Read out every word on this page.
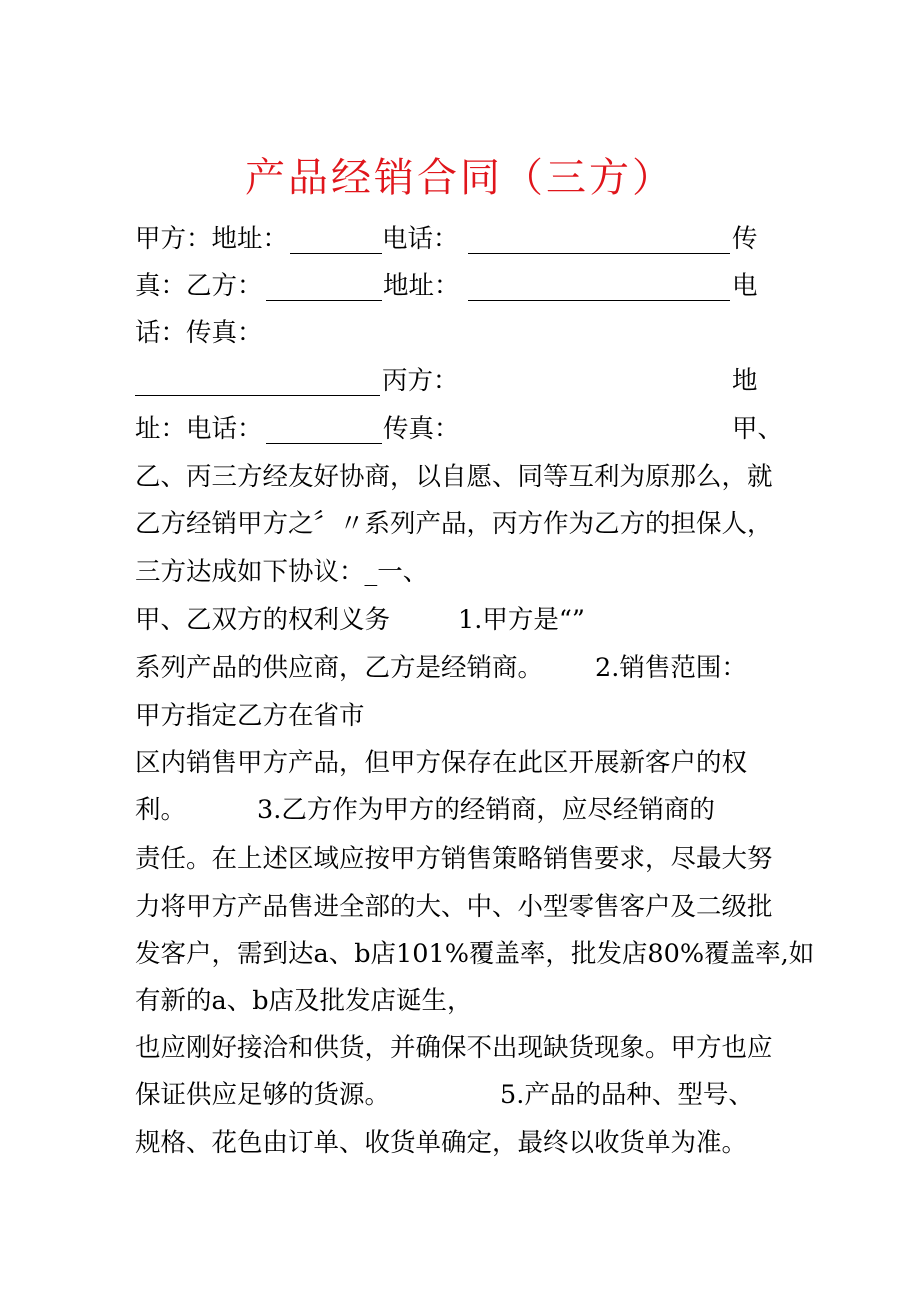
产品经销合同（三方）
甲方：地址：	电话：	传
真：乙方：	地址：	电
话：传真：
丙方：	地
址：电话：	传真：	甲、
乙、丙三方经友好协商，以自愿、同等互利为原那么，就
乙方经销甲方之〞〃系列产品，丙方作为乙方的担保人，
三方达成如下协议：_一、
甲、乙双方的权利义务	1.甲方是“”
系列产品的供应商，乙方是经销商。 2.销售范围：
甲方指定乙方在省市
区内销售甲方产品，但甲方保存在此区开展新客户的权
利。	3.乙方作为甲方的经销商，应尽经销商的
责任。在上述区域应按甲方销售策略销售要求，尽最大努
力将甲方产品售进全部的大、中、小型零售客户及二级批
发客户，需到达a、b店101%覆盖率，批发店80%覆盖率,如
有新的a、b店及批发店诞生，
也应刚好接洽和供货，并确保不出现缺货现象。甲方也应
保证供应足够的货源。	5.产品的品种、型号、
规格、花色由订单、收货单确定，最终以收货单为准。
